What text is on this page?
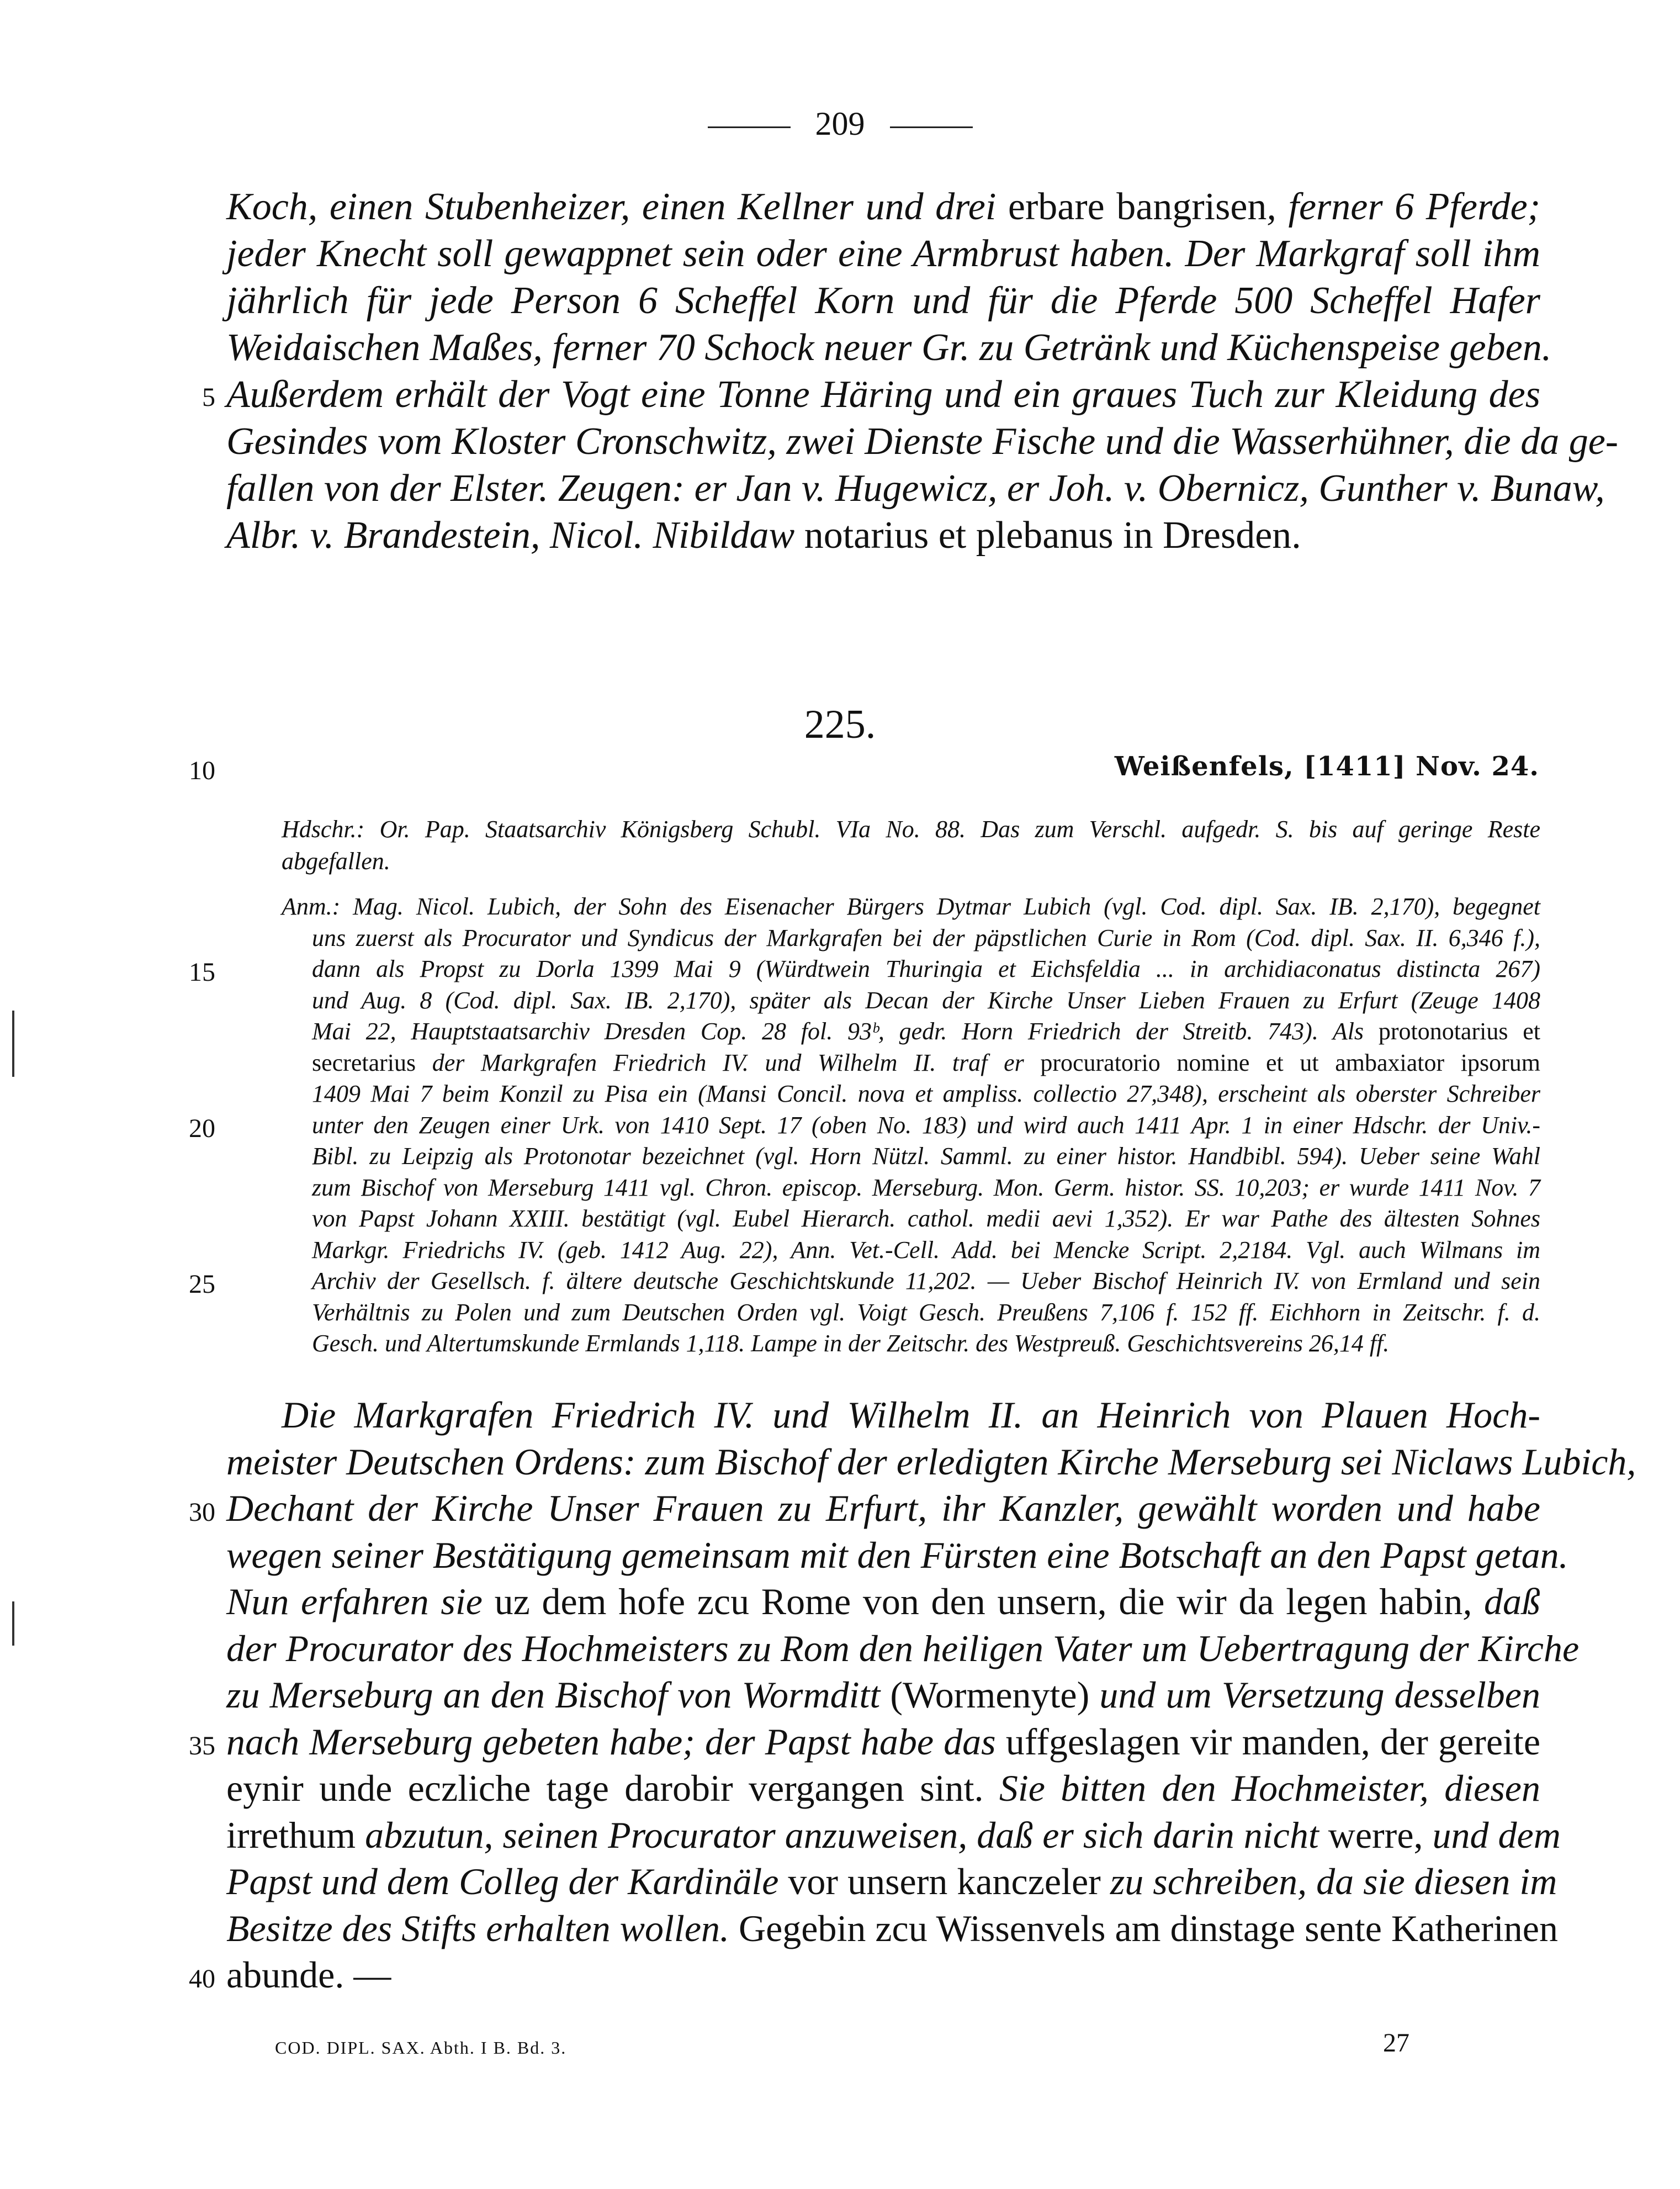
209
Koch, einen Stubenheizer, einen Kellner und drei erbare bangrisen, ferner 6 Pferde;
jeder Knecht soll gewappnet sein oder eine Armbrust haben. Der Markgraf soll ihm
jährlich für jede Person 6 Scheffel Korn und für die Pferde 500 Scheffel Hafer
Weidaischen Maßes, ferner 70 Schock neuer Gr. zu Getränk und Küchenspeise geben.
Außerdem erhält der Vogt eine Tonne Häring und ein graues Tuch zur Kleidung des
5
Gesindes vom Kloster Cronschwitz, zwei Dienste Fische und die Wasserhühner, die da ge-
fallen von der Elster. Zeugen: er Jan v. Hugewicz, er Joh. v. Obernicz, Gunther v. Bunaw,
Albr. v. Brandestein, Nicol. Nibildaw notarius et plebanus in Dresden.
225.
10	Weißenfels, [1411] Nov. 24.
Hdschr.: Or. Pap. Staatsarchiv Königsberg Schubl. VIa No. 88. Das zum Verschl. aufgedr. S. bis auf geringe Reste
abgefallen.
Anm.: Mag. Nicol. Lubich, der Sohn des Eisenacher Bürgers Dytmar Lubich (vgl. Cod. dipl. Sax. IB. 2,170), begegnet
uns zuerst als Procurator und Syndicus der Markgrafen bei der päpstlichen Curie in Rom (Cod. dipl. Sax. II. 6,346 f.),
dann als Propst zu Dorla 1399 Mai 9 (Würdtwein Thuringia et Eichsfeldia ... in archidiaconatus distincta 267)
15
und Aug. 8 (Cod. dipl. Sax. IB. 2,170), später als Decan der Kirche Unser Lieben Frauen zu Erfurt (Zeuge 1408
Mai 22, Hauptstaatsarchiv Dresden Cop. 28 fol. 93ᵇ, gedr. Horn Friedrich der Streitb. 743). Als protonotarius et
secretarius der Markgrafen Friedrich IV. und Wilhelm II. traf er procuratorio nomine et ut ambaxiator ipsorum
1409 Mai 7 beim Konzil zu Pisa ein (Mansi Concil. nova et ampliss. collectio 27,348), erscheint als oberster Schreiber
unter den Zeugen einer Urk. von 1410 Sept. 17 (oben No. 183) und wird auch 1411 Apr. 1 in einer Hdschr. der Univ.-
20
Bibl. zu Leipzig als Protonotar bezeichnet (vgl. Horn Nützl. Samml. zu einer histor. Handbibl. 594). Ueber seine Wahl
zum Bischof von Merseburg 1411 vgl. Chron. episcop. Merseburg. Mon. Germ. histor. SS. 10,203; er wurde 1411 Nov. 7
von Papst Johann XXIII. bestätigt (vgl. Eubel Hierarch. cathol. medii aevi 1,352). Er war Pathe des ältesten Sohnes
Markgr. Friedrichs IV. (geb. 1412 Aug. 22), Ann. Vet.-Cell. Add. bei Mencke Script. 2,2184. Vgl. auch Wilmans im
Archiv der Gesellsch. f. ältere deutsche Geschichtskunde 11,202. — Ueber Bischof Heinrich IV. von Ermland und sein
25
Verhältnis zu Polen und zum Deutschen Orden vgl. Voigt Gesch. Preußens 7,106 f. 152 ff. Eichhorn in Zeitschr. f. d.
Gesch. und Altertumskunde Ermlands 1,118. Lampe in der Zeitschr. des Westpreuß. Geschichtsvereins 26,14 ff.
Die Markgrafen Friedrich IV. und Wilhelm II. an Heinrich von Plauen Hoch-
meister Deutschen Ordens: zum Bischof der erledigten Kirche Merseburg sei Niclaws Lubich,
Dechant der Kirche Unser Frauen zu Erfurt, ihr Kanzler, gewählt worden und habe
30
wegen seiner Bestätigung gemeinsam mit den Fürsten eine Botschaft an den Papst getan.
Nun erfahren sie uz dem hofe zcu Rome von den unsern, die wir da legen habin, daß
der Procurator des Hochmeisters zu Rom den heiligen Vater um Uebertragung der Kirche
zu Merseburg an den Bischof von Wormditt (Wormenyte) und um Versetzung desselben
nach Merseburg gebeten habe; der Papst habe das uffgeslagen vir manden, der gereite
35
eynir unde eczliche tage darobir vergangen sint. Sie bitten den Hochmeister, diesen
irrethum abzutun, seinen Procurator anzuweisen, daß er sich darin nicht werre, und dem
Papst und dem Colleg der Kardinäle vor unsern kanczeler zu schreiben, da sie diesen im
Besitze des Stifts erhalten wollen. Gegebin zcu Wissenvels am dinstage sente Katherinen
abunde. —
40
COD. DIPL. SAX. Abth. I B. Bd. 3.	27
